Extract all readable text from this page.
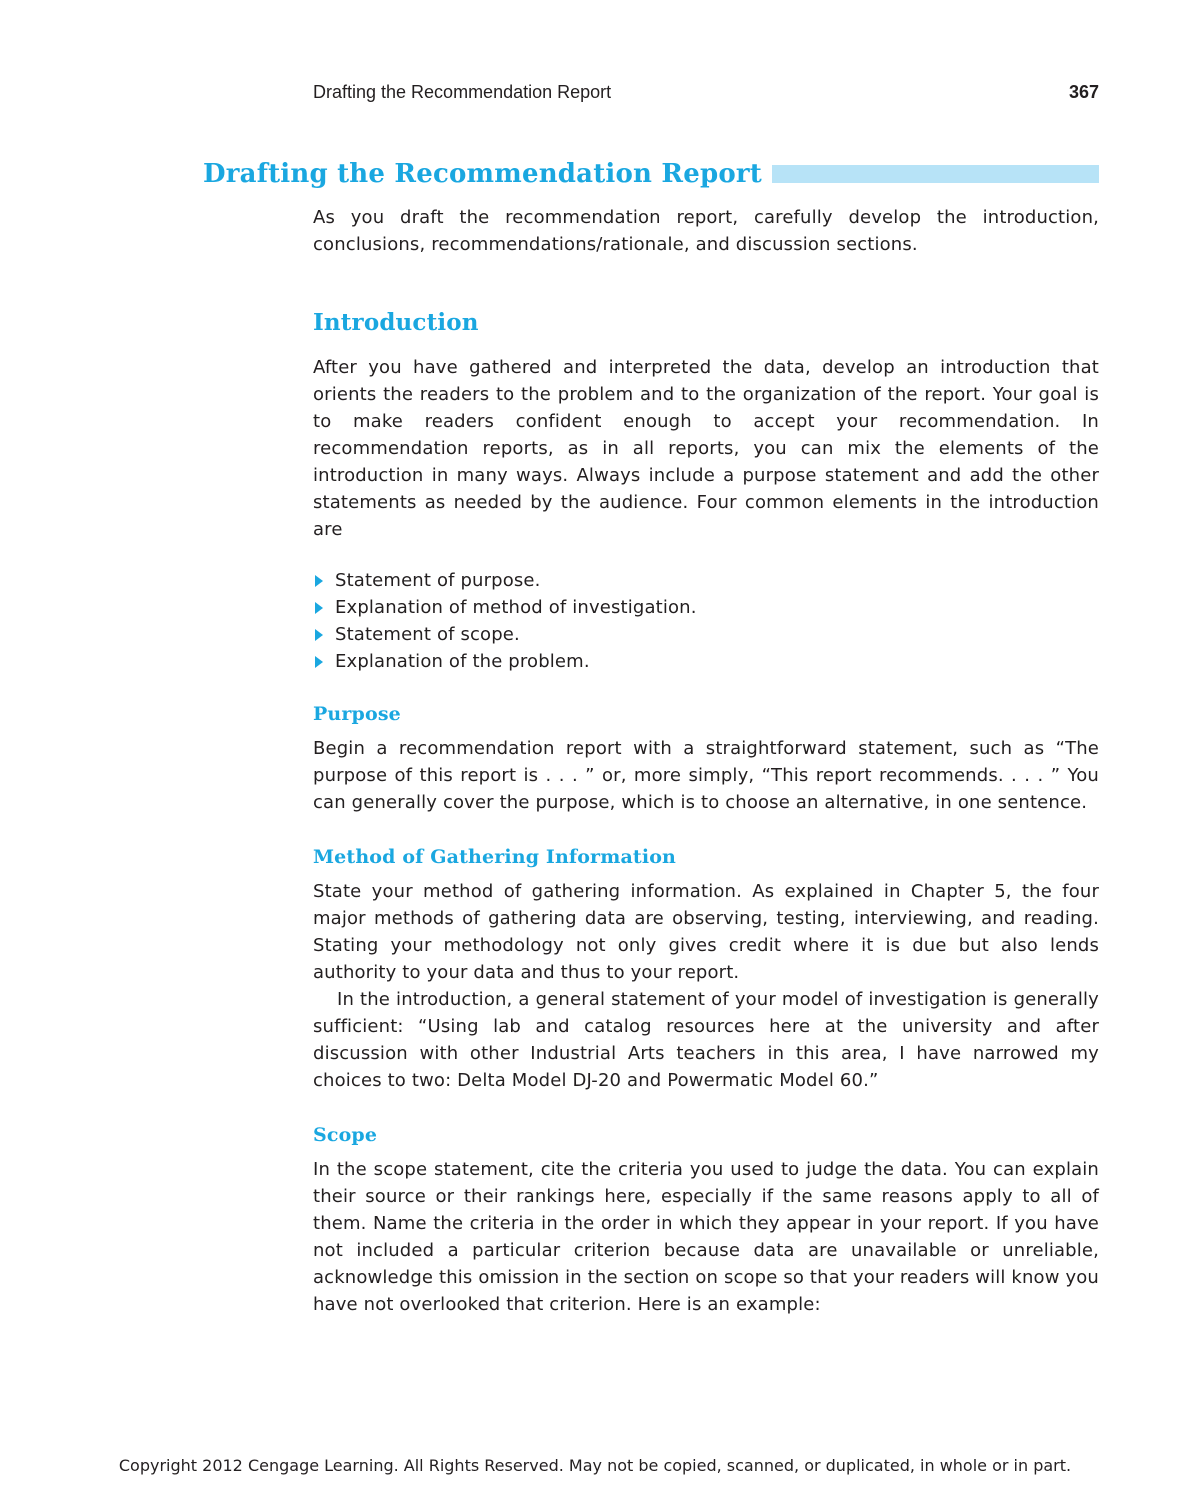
Drafting the Recommendation Report	367
Drafting the Recommendation Report

As you draft the recommendation report, carefully develop the introduction, conclusions, recommendations/rationale, and discussion sections.

Introduction

After you have gathered and interpreted the data, develop an introduction that orients the readers to the problem and to the organization of the report. Your goal is to make readers confident enough to accept your recommendation. In recommendation reports, as in all reports, you can mix the elements of the introduction in many ways. Always include a purpose statement and add the other statements as needed by the audience. Four common elements in the introduction are

Statement of purpose.
Explanation of method of investigation.
Statement of scope.
Explanation of the problem.
Purpose

Begin a recommendation report with a straightforward statement, such as “The purpose of this report is . . . ” or, more simply, “This report recommends. . . . ” You can generally cover the purpose, which is to choose an alternative, in one sentence.

Method of Gathering Information

State your method of gathering information. As explained in Chapter 5, the four major methods of gathering data are observing, testing, interviewing, and reading. Stating your methodology not only gives credit where it is due but also lends authority to your data and thus to your report.

In the introduction, a general statement of your model of investigation is generally sufficient: “Using lab and catalog resources here at the university and after discussion with other Industrial Arts teachers in this area, I have narrowed my choices to two: Delta Model DJ-20 and Powermatic Model 60.”

Scope

In the scope statement, cite the criteria you used to judge the data. You can explain their source or their rankings here, especially if the same reasons apply to all of them. Name the criteria in the order in which they appear in your report. If you have not included a particular criterion because data are unavailable or unreliable, acknowledge this omission in the section on scope so that your readers will know you have not overlooked that criterion. Here is an example:

Copyright 2012 Cengage Learning. All Rights Reserved. May not be copied, scanned, or duplicated, in whole or in part.
